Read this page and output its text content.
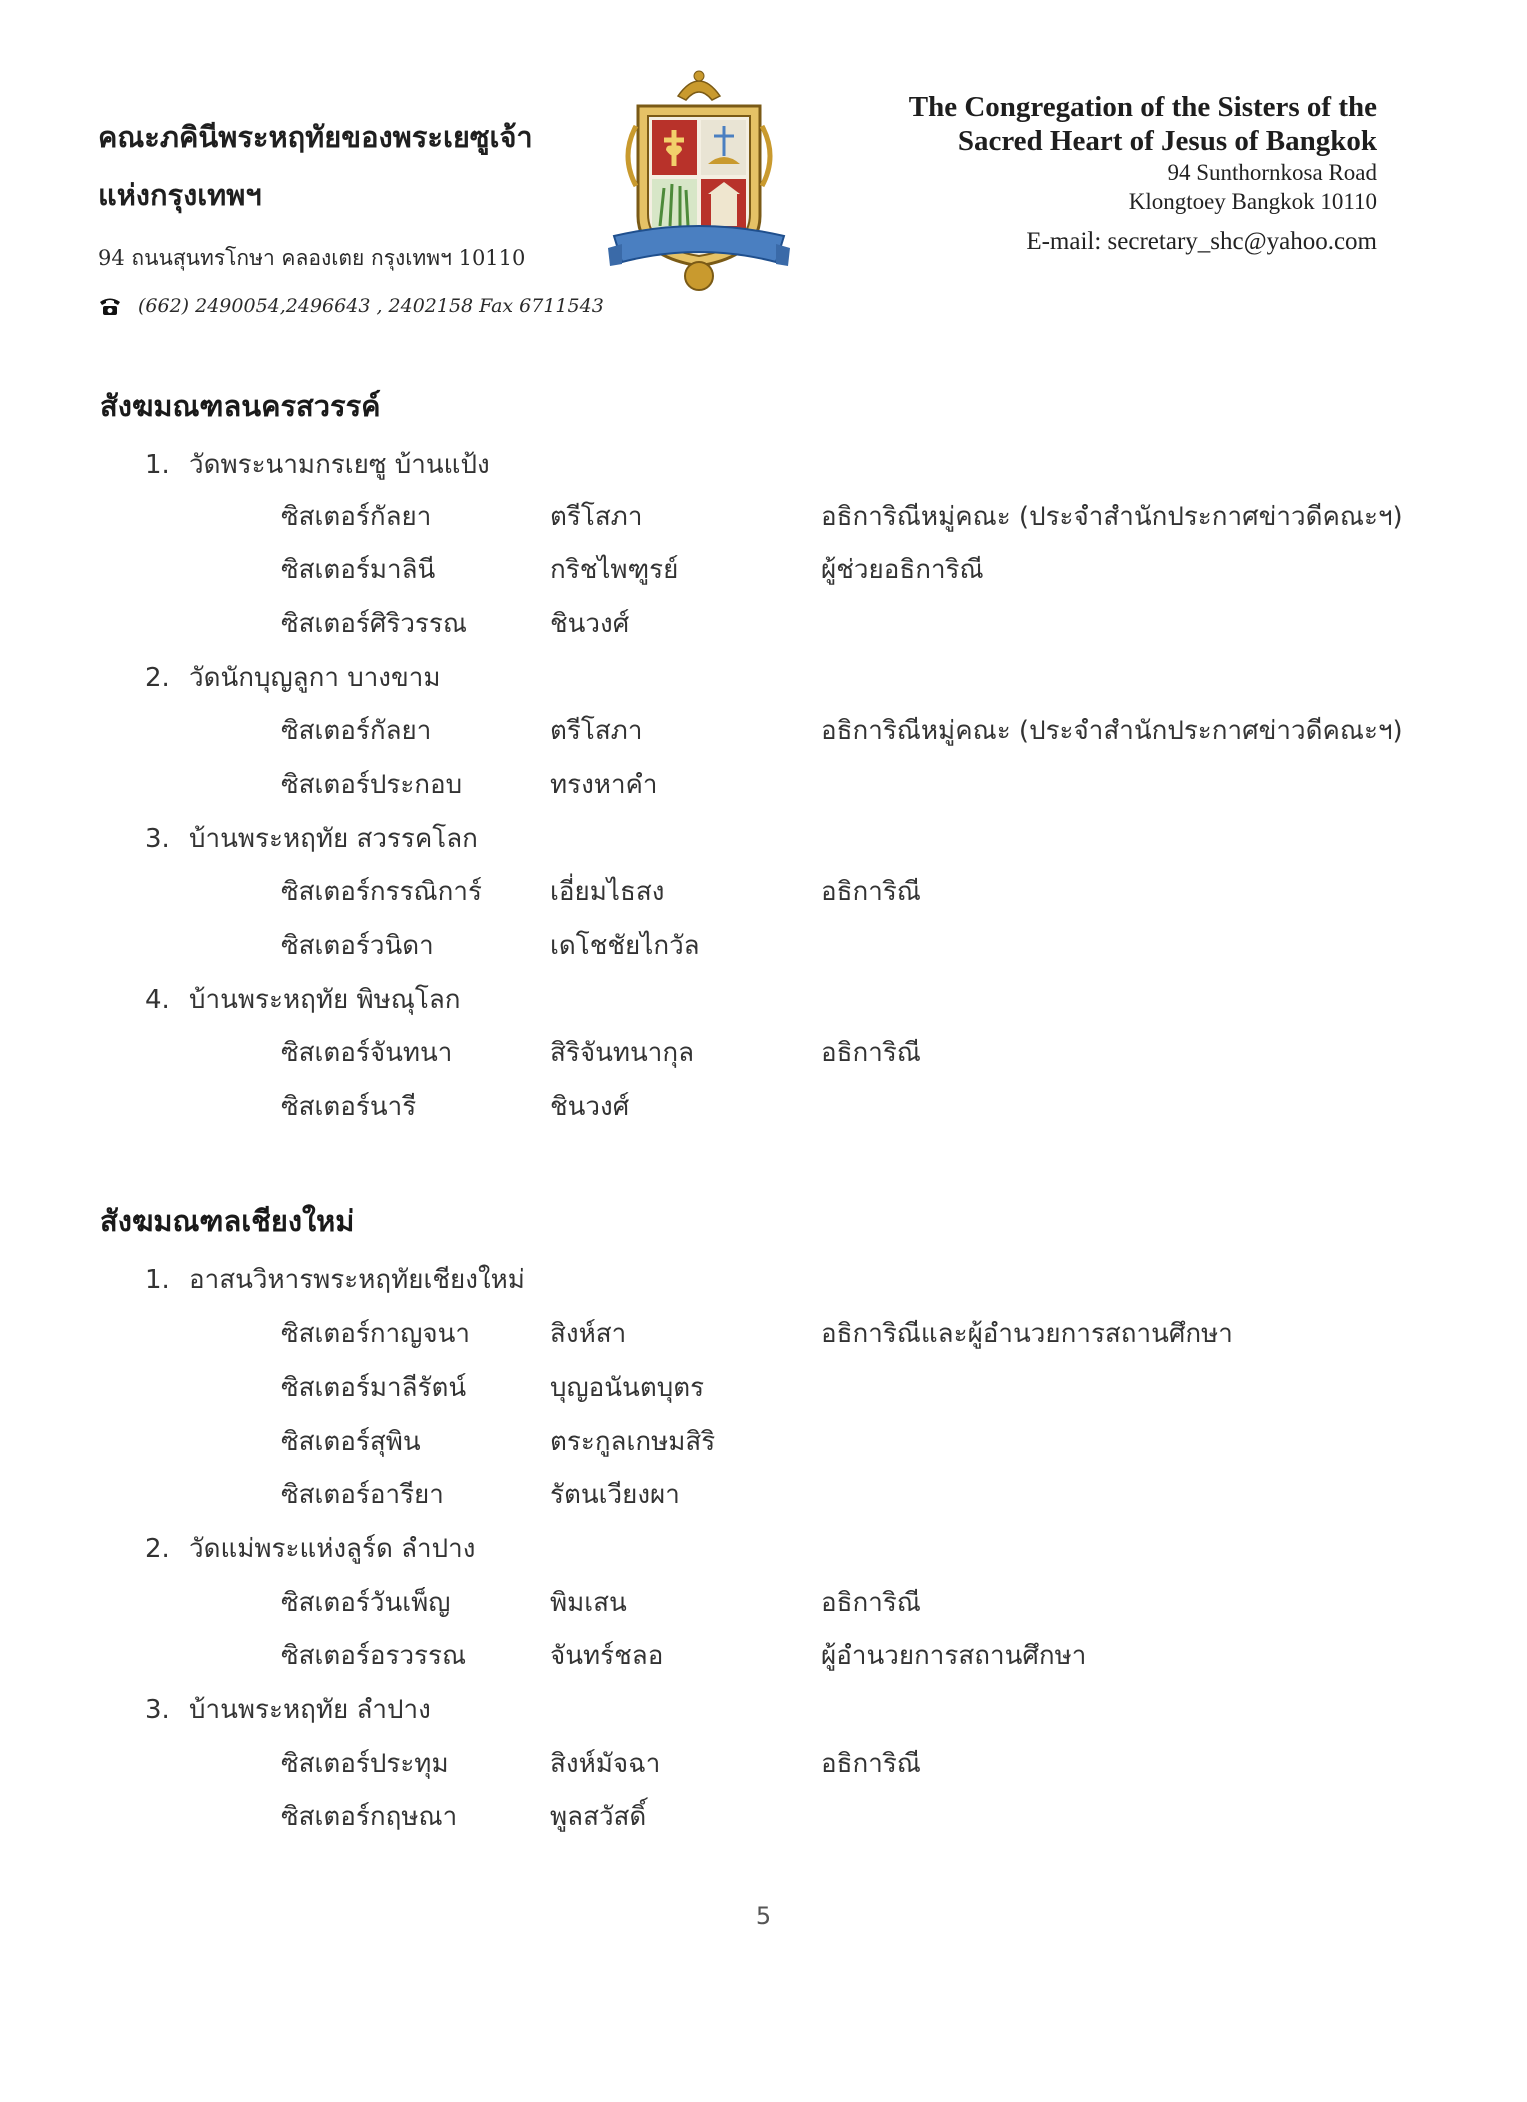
คณะภคินีพระหฤทัยของพระเยซูเจ้า
แห่งกรุงเทพฯ
94 ถนนสุนทรโกษา คลองเตย กรุงเทพฯ 10110
(662) 2490054,2496643 , 2402158 Fax 6711543
The Congregation of the Sisters of the
Sacred Heart of Jesus of Bangkok
94 Sunthornkosa Road
Klongtoey Bangkok 10110
E-mail: secretary_shc@yahoo.com
สังฆมณฑลนครสวรรค์
1. วัดพระนามกรเยซู บ้านแป้ง
ซิสเตอร์กัลยา	ตรีโสภา	อธิการิณีหมู่คณะ (ประจำสำนักประกาศข่าวดีคณะฯ)
ซิสเตอร์มาลินี	กริชไพฑูรย์	ผู้ช่วยอธิการิณี
ซิสเตอร์ศิริวรรณ	ชินวงศ์
2. วัดนักบุญลูกา บางขาม
ซิสเตอร์กัลยา	ตรีโสภา	อธิการิณีหมู่คณะ (ประจำสำนักประกาศข่าวดีคณะฯ)
ซิสเตอร์ประกอบ	ทรงหาคำ
3. บ้านพระหฤทัย สวรรคโลก
ซิสเตอร์กรรณิการ์	เอี่ยมไธสง	อธิการิณี
ซิสเตอร์วนิดา	เดโชชัยไกวัล
4. บ้านพระหฤทัย พิษณุโลก
ซิสเตอร์จันทนา	สิริจันทนากุล	อธิการิณี
ซิสเตอร์นารี	ชินวงศ์
สังฆมณฑลเชียงใหม่
1. อาสนวิหารพระหฤทัยเชียงใหม่
ซิสเตอร์กาญจนา	สิงห์สา	อธิการิณีและผู้อำนวยการสถานศึกษา
ซิสเตอร์มาลีรัตน์	บุญอนันตบุตร
ซิสเตอร์สุพิน	ตระกูลเกษมสิริ
ซิสเตอร์อารียา	รัตนเวียงผา
2. วัดแม่พระแห่งลูร์ด ลำปาง
ซิสเตอร์วันเพ็ญ	พิมเสน	อธิการิณี
ซิสเตอร์อรวรรณ	จันทร์ชลอ	ผู้อำนวยการสถานศึกษา
3. บ้านพระหฤทัย ลำปาง
ซิสเตอร์ประทุม	สิงห์มัจฉา	อธิการิณี
ซิสเตอร์กฤษณา	พูลสวัสดิ์
5
